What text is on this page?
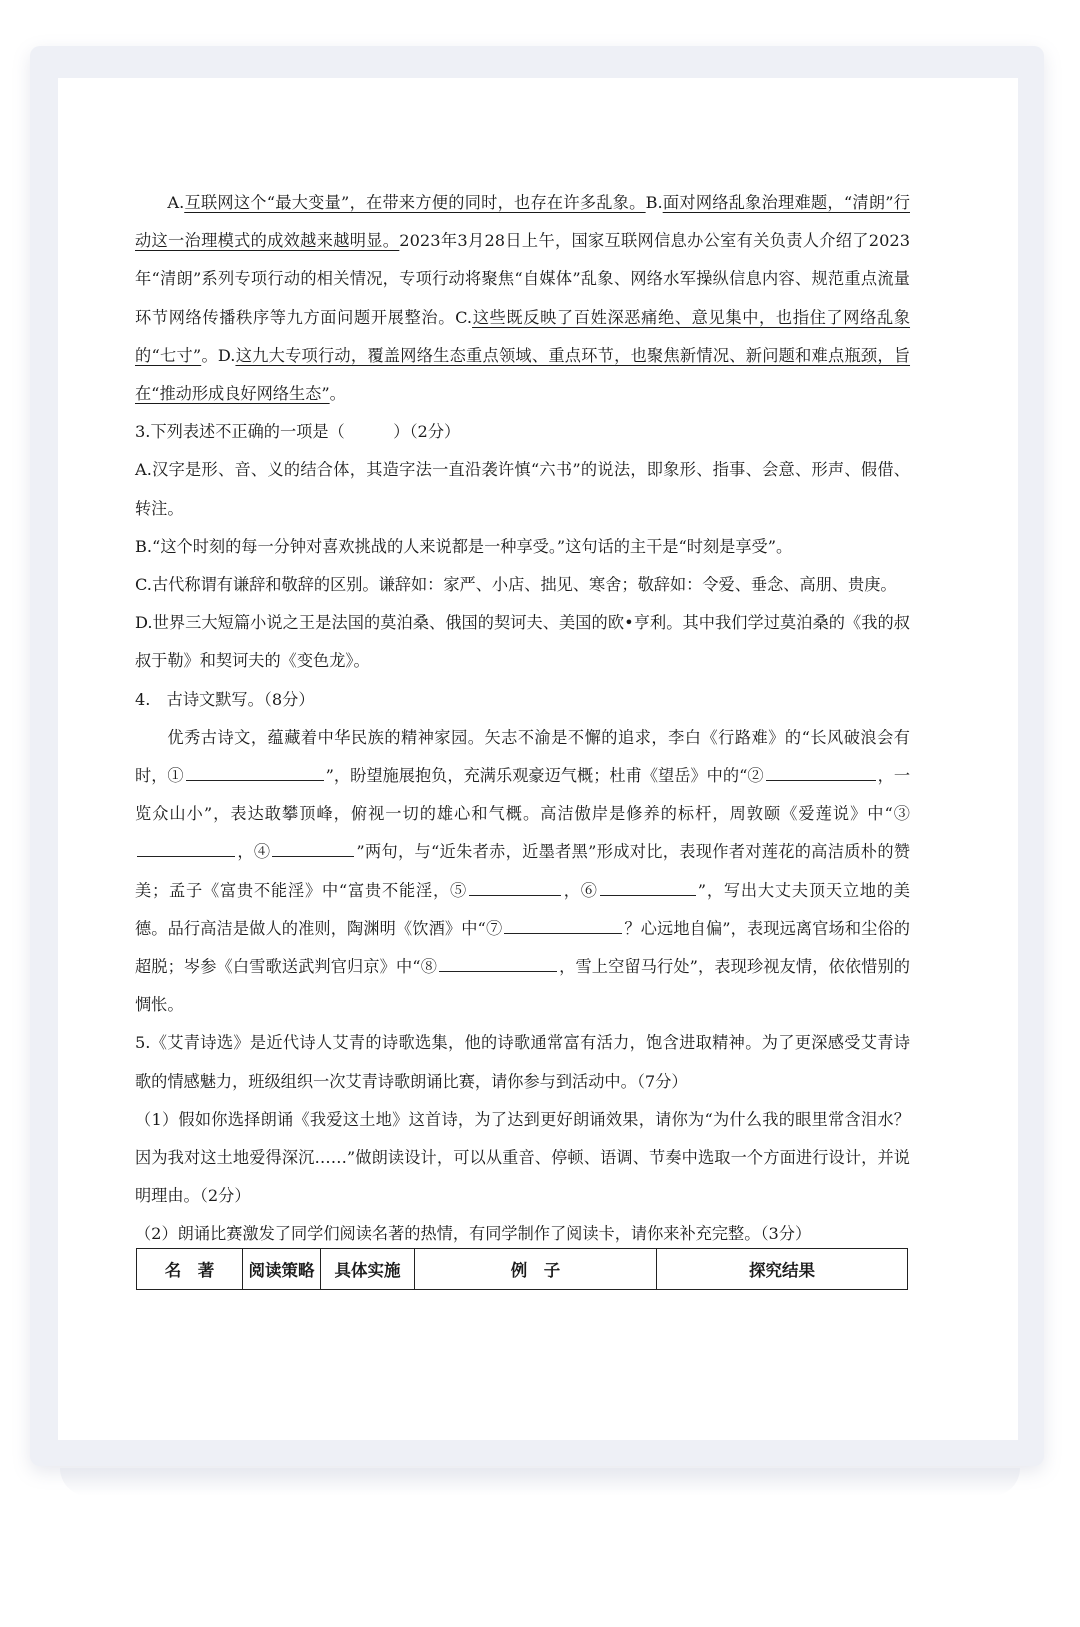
A.互联网这个“最大变量”，在带来方便的同时，也存在许多乱象。B.面对网络乱象治理难题，“清朗”行动这一治理模式的成效越来越明显。2023年3月28日上午，国家互联网信息办公室有关负责人介绍了2023年“清朗”系列专项行动的相关情况，专项行动将聚焦“自媒体”乱象、网络水军操纵信息内容、规范重点流量环节网络传播秩序等九方面问题开展整治。C.这些既反映了百姓深恶痛绝、意见集中，也指住了网络乱象的“七寸”。D.这九大专项行动，覆盖网络生态重点领域、重点环节，也聚焦新情况、新问题和难点瓶颈，旨在“推动形成良好网络生态”。

3.下列表述不正确的一项是（　　　）（2分）

A.汉字是形、音、义的结合体，其造字法一直沿袭许慎“六书”的说法，即象形、指事、会意、形声、假借、转注。

B.“这个时刻的每一分钟对喜欢挑战的人来说都是一种享受。”这句话的主干是“时刻是享受”。

C.古代称谓有谦辞和敬辞的区别。谦辞如：家严、小店、拙见、寒舍；敬辞如：令爱、垂念、高朋、贵庚。

D.世界三大短篇小说之王是法国的莫泊桑、俄国的契诃夫、美国的欧•亨利。其中我们学过莫泊桑的《我的叔叔于勒》和契诃夫的《变色龙》。

4.　古诗文默写。（8分）

优秀古诗文，蕴藏着中华民族的精神家园。矢志不渝是不懈的追求，李白《行路难》的“长风破浪会有时，①	”，盼望施展抱负，充满乐观豪迈气概；杜甫《望岳》中的“②	，一览众山小”，表达敢攀顶峰，俯视一切的雄心和气概。高洁傲岸是修养的标杆，周敦颐《爱莲说》中“③，④	”两句，与“近朱者赤，近墨者黑”形成对比，表现作者对莲花的高洁质朴的赞美；孟子《富贵不能淫》中“富贵不能淫，⑤	，⑥	”，写出大丈夫顶天立地的美德。品行高洁是做人的准则，陶渊明《饮酒》中“⑦	？心远地自偏”，表现远离官场和尘俗的超脱；岑参《白雪歌送武判官归京》中“⑧	，雪上空留马行处”，表现珍视友情，依依惜别的惆怅。

5.《艾青诗选》是近代诗人艾青的诗歌选集，他的诗歌通常富有活力，饱含进取精神。为了更深感受艾青诗歌的情感魅力，班级组织一次艾青诗歌朗诵比赛，请你参与到活动中。（7分）

（1）假如你选择朗诵《我爱这土地》这首诗，为了达到更好朗诵效果，请你为“为什么我的眼里常含泪水？因为我对这土地爱得深沉……”做朗读设计，可以从重音、停顿、语调、节奏中选取一个方面进行设计，并说明理由。（2分）

（2）朗诵比赛激发了同学们阅读名著的热情，有同学制作了阅读卡，请你来补充完整。（3分）

名　著	阅读策略	具体实施	例　子	探究结果
